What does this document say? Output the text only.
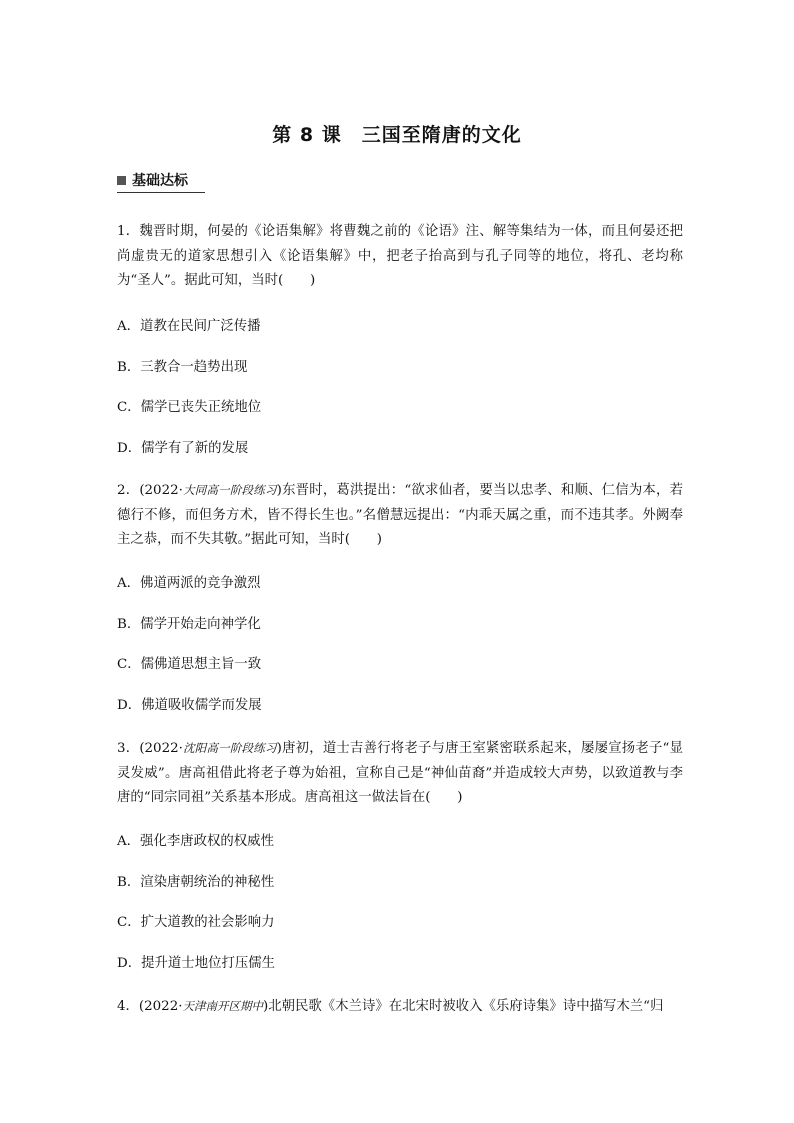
第 8 课　三国至隋唐的文化
基础达标
1．魏晋时期，何晏的《论语集解》将曹魏之前的《论语》注、解等集结为一体，而且何晏还把尚虚贵无的道家思想引入《论语集解》中，把老子抬高到与孔子同等的地位，将孔、老均称为“圣人”。据此可知，当时(　　)
A．道教在民间广泛传播
B．三教合一趋势出现
C．儒学已丧失正统地位
D．儒学有了新的发展
2．(2022·大同高一阶段练习)东晋时，葛洪提出：“欲求仙者，要当以忠孝、和顺、仁信为本，若德行不修，而但务方术，皆不得长生也。”名僧慧远提出：“内乖天属之重，而不违其孝。外阙奉主之恭，而不失其敬。”据此可知，当时(　　)
A．佛道两派的竞争激烈
B．儒学开始走向神学化
C．儒佛道思想主旨一致
D．佛道吸收儒学而发展
3．(2022·沈阳高一阶段练习)唐初，道士吉善行将老子与唐王室紧密联系起来，屡屡宣扬老子“显灵发威”。唐高祖借此将老子尊为始祖，宣称自己是“神仙苗裔”并造成较大声势，以致道教与李唐的“同宗同祖”关系基本形成。唐高祖这一做法旨在(　　)
A．强化李唐政权的权威性
B．渲染唐朝统治的神秘性
C．扩大道教的社会影响力
D．提升道士地位打压儒生
4．(2022·天津南开区期中)北朝民歌《木兰诗》在北宋时被收入《乐府诗集》诗中描写木兰“归
